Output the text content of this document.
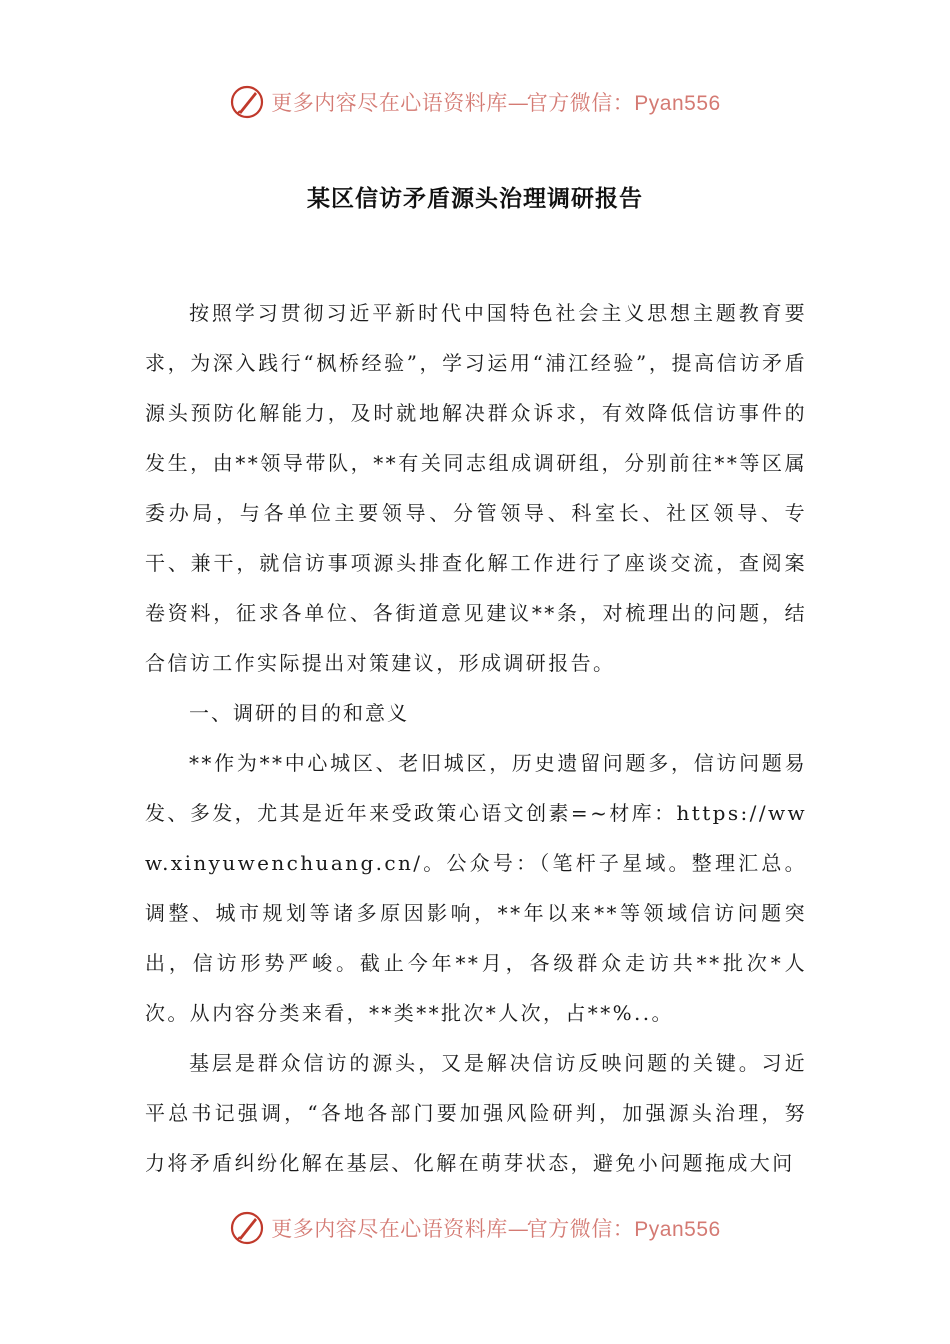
更多内容尽在心语资料库—官方微信：Pyan556
某区信访矛盾源头治理调研报告

按照学习贯彻习近平新时代中国特色社会主义思想主题教育要求，为深入践行“枫桥经验”，学习运用“浦江经验”，提高信访矛盾源头预防化解能力，及时就地解决群众诉求，有效降低信访事件的发生，由**领导带队，**有关同志组成调研组，分别前往**等区属委办局，与各单位主要领导、分管领导、科室长、社区领导、专干、兼干，就信访事项源头排查化解工作进行了座谈交流，查阅案卷资料，征求各单位、各街道意见建议**条，对梳理出的问题，结合信访工作实际提出对策建议，形成调研报告。

一、调研的目的和意义

**作为**中心城区、老旧城区，历史遗留问题多，信访问题易发、多发，尤其是近年来受政策心语文创素=~材库：https://www.xinyuwenchuang.cn/。公众号：（笔杆子星域。整理汇总。调整、城市规划等诸多原因影响，**年以来**等领域信访问题突出，信访形势严峻。截止今年**月，各级群众走访共**批次*人次。从内容分类来看，**类**批次*人次，占**%..。

基层是群众信访的源头，又是解决信访反映问题的关键。习近平总书记强调，“各地各部门要加强风险研判，加强源头治理，努力将矛盾纠纷化解在基层、化解在萌芽状态，避免小问题拖成大问

更多内容尽在心语资料库—官方微信：Pyan556
